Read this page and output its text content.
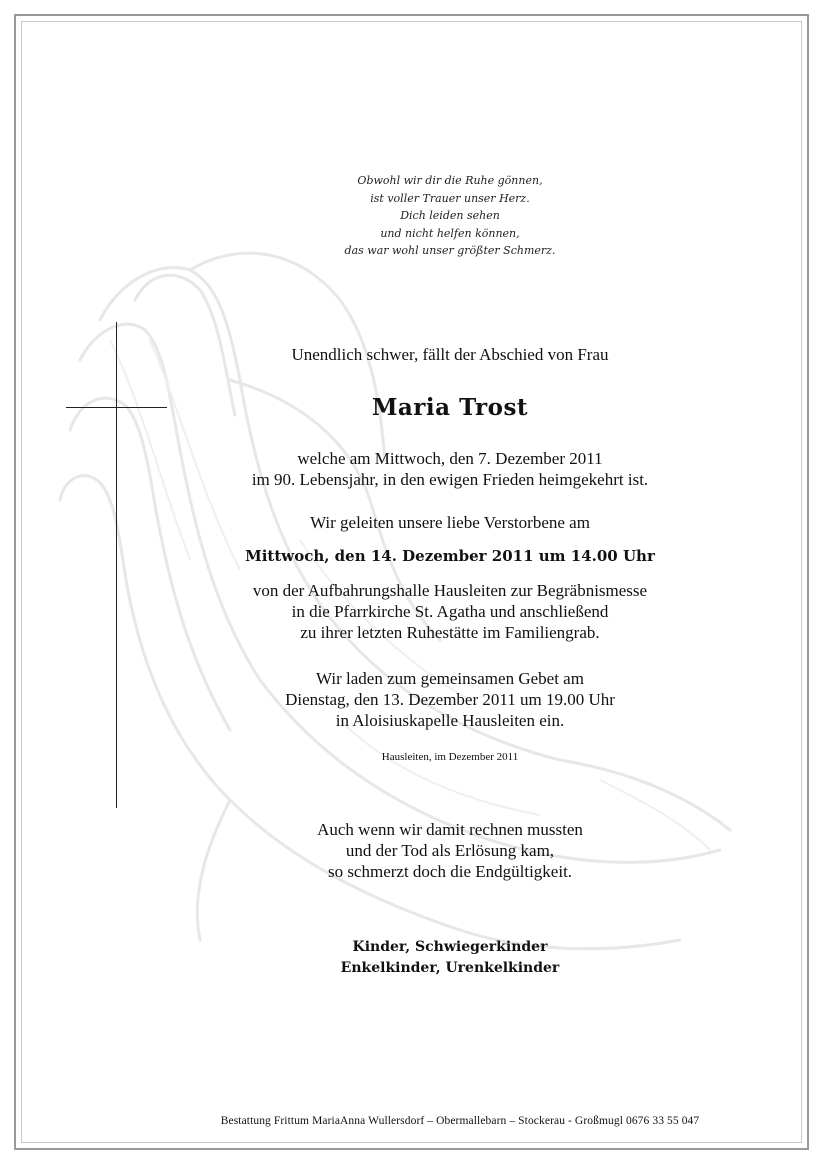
Obwohl wir dir die Ruhe gönnen,
ist voller Trauer unser Herz.
Dich leiden sehen
und nicht helfen können,
das war wohl unser größter Schmerz.
Unendlich schwer, fällt der Abschied von Frau
Maria Trost
welche am Mittwoch, den 7. Dezember 2011
im 90. Lebensjahr, in den ewigen Frieden heimgekehrt ist.
Wir geleiten unsere liebe Verstorbene am
Mittwoch, den 14. Dezember 2011 um 14.00 Uhr
von der Aufbahrungshalle Hausleiten zur Begräbnismesse
in die Pfarrkirche St. Agatha und anschließend
zu ihrer letzten Ruhestätte im Familiengrab.
Wir laden zum gemeinsamen Gebet am
Dienstag, den 13. Dezember 2011 um 19.00 Uhr
in Aloisiuskapelle Hausleiten ein.
Hausleiten, im Dezember 2011
Auch wenn wir damit rechnen mussten
und der Tod als Erlösung kam,
so schmerzt doch die Endgültigkeit.
Kinder, Schwiegerkinder
Enkelkinder, Urenkelkinder
Bestattung Frittum MariaAnna Wullersdorf – Obermallebarn – Stockerau - Großmugl 0676 33 55 047
